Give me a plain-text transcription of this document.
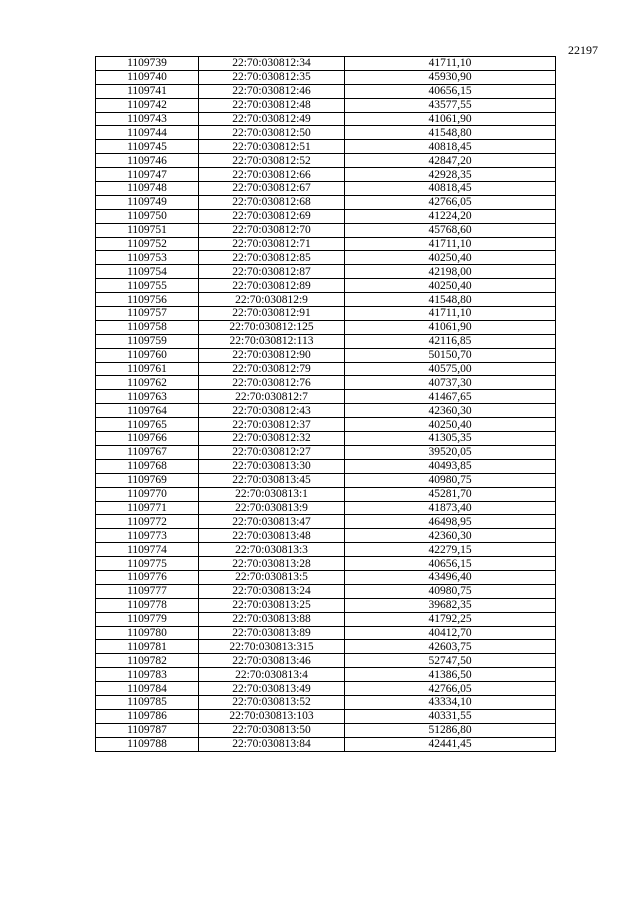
22197
1109739	22:70:030812:34	41711,10
1109740	22:70:030812:35	45930,90
1109741	22:70:030812:46	40656,15
1109742	22:70:030812:48	43577,55
1109743	22:70:030812:49	41061,90
1109744	22:70:030812:50	41548,80
1109745	22:70:030812:51	40818,45
1109746	22:70:030812:52	42847,20
1109747	22:70:030812:66	42928,35
1109748	22:70:030812:67	40818,45
1109749	22:70:030812:68	42766,05
1109750	22:70:030812:69	41224,20
1109751	22:70:030812:70	45768,60
1109752	22:70:030812:71	41711,10
1109753	22:70:030812:85	40250,40
1109754	22:70:030812:87	42198,00
1109755	22:70:030812:89	40250,40
1109756	22:70:030812:9	41548,80
1109757	22:70:030812:91	41711,10
1109758	22:70:030812:125	41061,90
1109759	22:70:030812:113	42116,85
1109760	22:70:030812:90	50150,70
1109761	22:70:030812:79	40575,00
1109762	22:70:030812:76	40737,30
1109763	22:70:030812:7	41467,65
1109764	22:70:030812:43	42360,30
1109765	22:70:030812:37	40250,40
1109766	22:70:030812:32	41305,35
1109767	22:70:030812:27	39520,05
1109768	22:70:030813:30	40493,85
1109769	22:70:030813:45	40980,75
1109770	22:70:030813:1	45281,70
1109771	22:70:030813:9	41873,40
1109772	22:70:030813:47	46498,95
1109773	22:70:030813:48	42360,30
1109774	22:70:030813:3	42279,15
1109775	22:70:030813:28	40656,15
1109776	22:70:030813:5	43496,40
1109777	22:70:030813:24	40980,75
1109778	22:70:030813:25	39682,35
1109779	22:70:030813:88	41792,25
1109780	22:70:030813:89	40412,70
1109781	22:70:030813:315	42603,75
1109782	22:70:030813:46	52747,50
1109783	22:70:030813:4	41386,50
1109784	22:70:030813:49	42766,05
1109785	22:70:030813:52	43334,10
1109786	22:70:030813:103	40331,55
1109787	22:70:030813:50	51286,80
1109788	22:70:030813:84	42441,45
